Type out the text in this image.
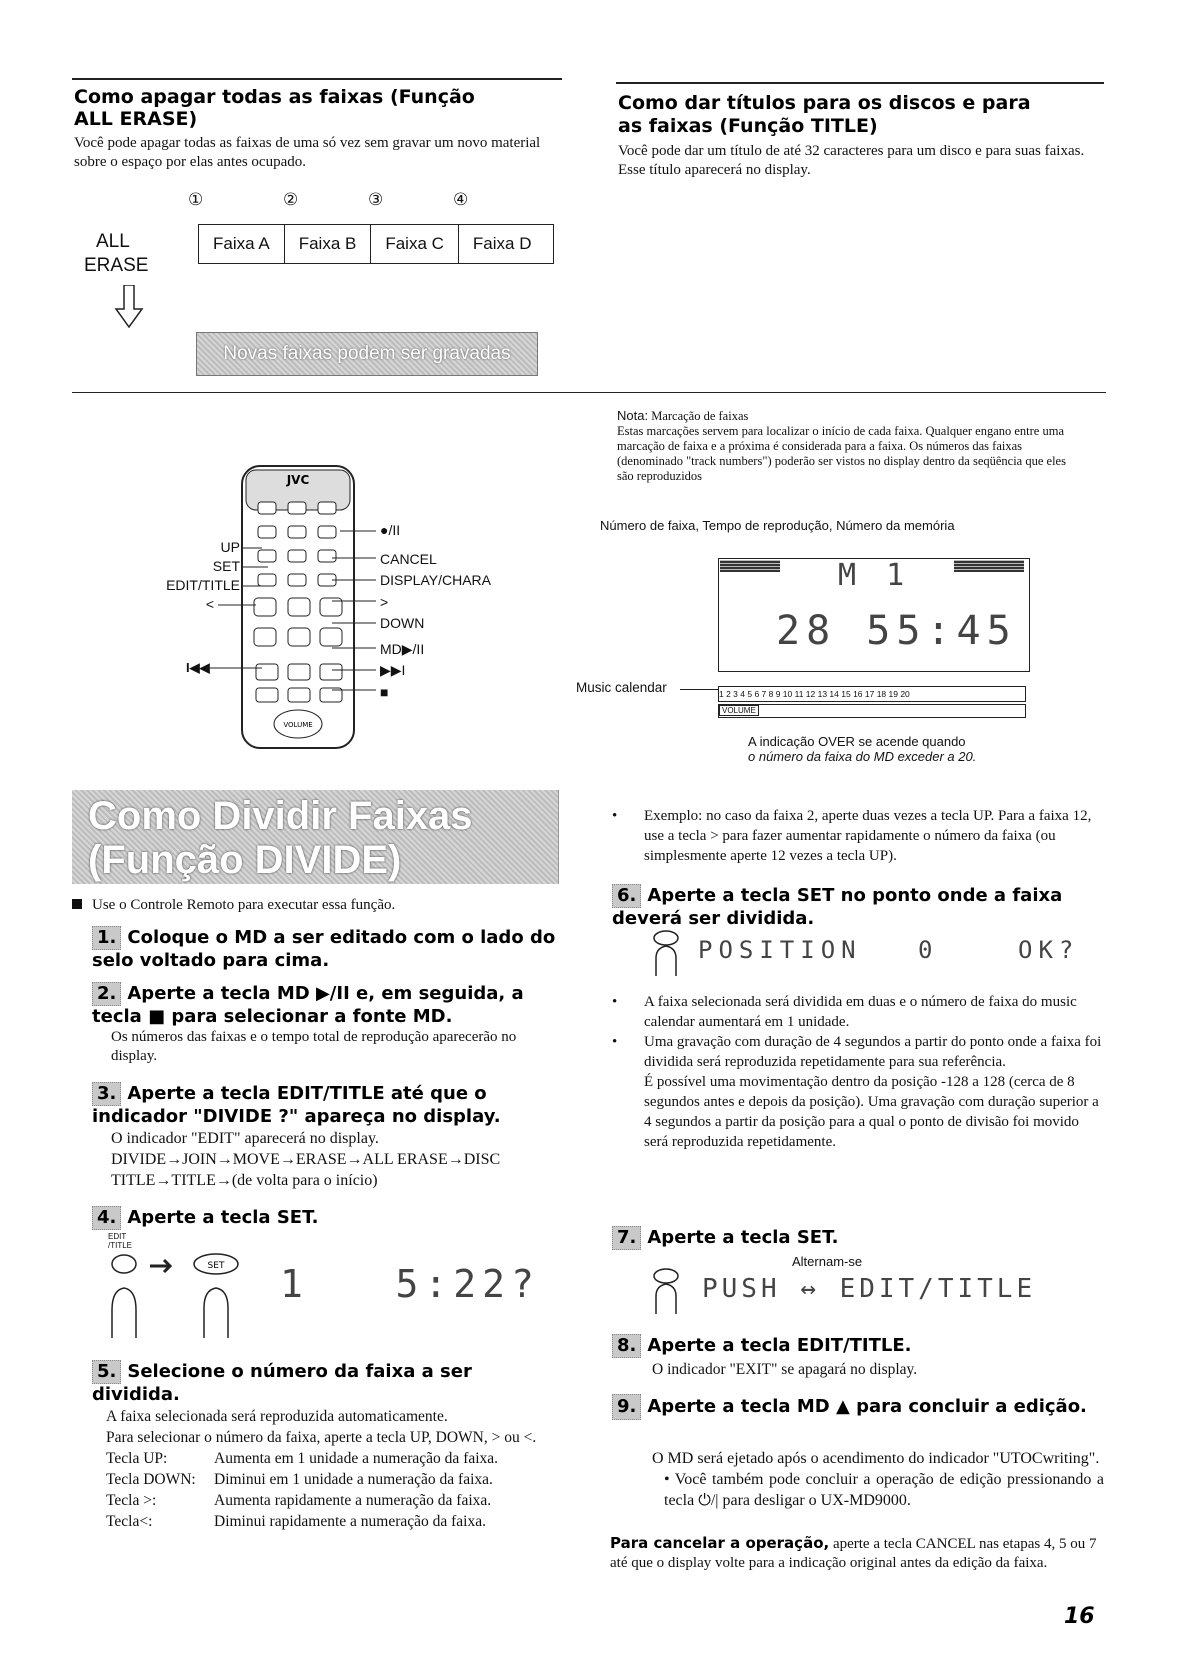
Como apagar todas as faixas (Função
ALL ERASE)
Você pode apagar todas as faixas de uma só vez sem gravar um novo material sobre o espaço por elas antes ocupado.
①	②	③	④
ALL
ERASE
Faixa A	Faixa B	Faixa C	Faixa D
Novas faixas podem ser gravadas
Como dar títulos para os discos e para
as faixas (Função TITLE)
Você pode dar um título de até 32 caracteres para um disco e para suas faixas. Esse título aparecerá no display.
JVC
VOLUME
UP
SET
EDIT/TITLE
<
I◀◀
●/II
CANCEL
DISPLAY/CHARA
>
DOWN
MD▶/II
▶▶I
■
Nota: Marcação de faixas
Estas marcações servem para localizar o início de cada faixa. Qualquer engano entre uma marcação de faixa e a próxima é considerada para a faixa. Os números das faixas (denominado "track numbers") poderão ser vistos no display dentro da seqüência que eles são reproduzidos
Número de faixa, Tempo de reprodução, Número da memória
M 1
28 55:45
1 2 3 4 5 6 7 8 9 10 11 12 13 14 15 16 17 18 19 20
VOLUME
Music calendar
A indicação OVER se acende quando
o número da faixa do MD exceder a 20.
Como Dividir Faixas
(Função DIVIDE)
Use o Controle Remoto para executar essa função.
1. Coloque o MD a ser editado com o lado do selo voltado para cima.
2. Aperte a tecla MD ▶/II e, em seguida, a tecla ■ para selecionar a fonte MD.
Os números das faixas e o tempo total de reprodução aparecerão no display.
3. Aperte a tecla EDIT/TITLE até que o indicador "DIVIDE ?" apareça no display.
O indicador "EDIT" aparecerá no display.
DIVIDE→JOIN→MOVE→ERASE→ALL ERASE→DISC TITLE→TITLE→(de volta para o início)
4. Aperte a tecla SET.
EDIT /TITLE
SET 1   5:22?
5. Selecione o número da faixa a ser dividida.
A faixa selecionada será reproduzida automaticamente.
Para selecionar o número da faixa, aperte a tecla UP, DOWN, > ou <.
Tecla UP:	Aumenta em 1 unidade a numeração da faixa.
Tecla DOWN:	Diminui em 1 unidade a numeração da faixa.
Tecla >:	Aumenta rapidamente a numeração da faixa.
Tecla<:	Diminui rapidamente a numeração da faixa.
• Exemplo: no caso da faixa 2, aperte duas vezes a tecla UP. Para a faixa 12, use a tecla > para fazer aumentar rapidamente o número da faixa (ou simplesmente aperte 12 vezes a tecla UP).
6. Aperte a tecla SET no ponto onde a faixa deverá ser dividida.
POSITION	0	OK?
• A faixa selecionada será dividida em duas e o número de faixa do music calendar aumentará em 1 unidade.
• Uma gravação com duração de 4 segundos a partir do ponto onde a faixa foi dividida será reproduzida repetidamente para sua referência.
É possível uma movimentação dentro da posição -128 a 128 (cerca de 8 segundos antes e depois da posição). Uma gravação com duração superior a 4 segundos a partir da posição para a qual o ponto de divisão foi movido será reproduzida repetidamente.
7. Aperte a tecla SET.
Alternam-se
PUSH ↔ EDIT/TITLE
8. Aperte a tecla EDIT/TITLE.
O indicador "EXIT" se apagará no display.
9. Aperte a tecla MD ▲ para concluir a edição.
O MD será ejetado após o acendimento do indicador "UTOCwriting".
• Você também pode concluir a operação de edição pressionando a tecla ⏻/| para desligar o UX-MD9000.
Para cancelar a operação, aperte a tecla CANCEL nas etapas 4, 5 ou 7 até que o display volte para a indicação original antes da edição da faixa.
16
